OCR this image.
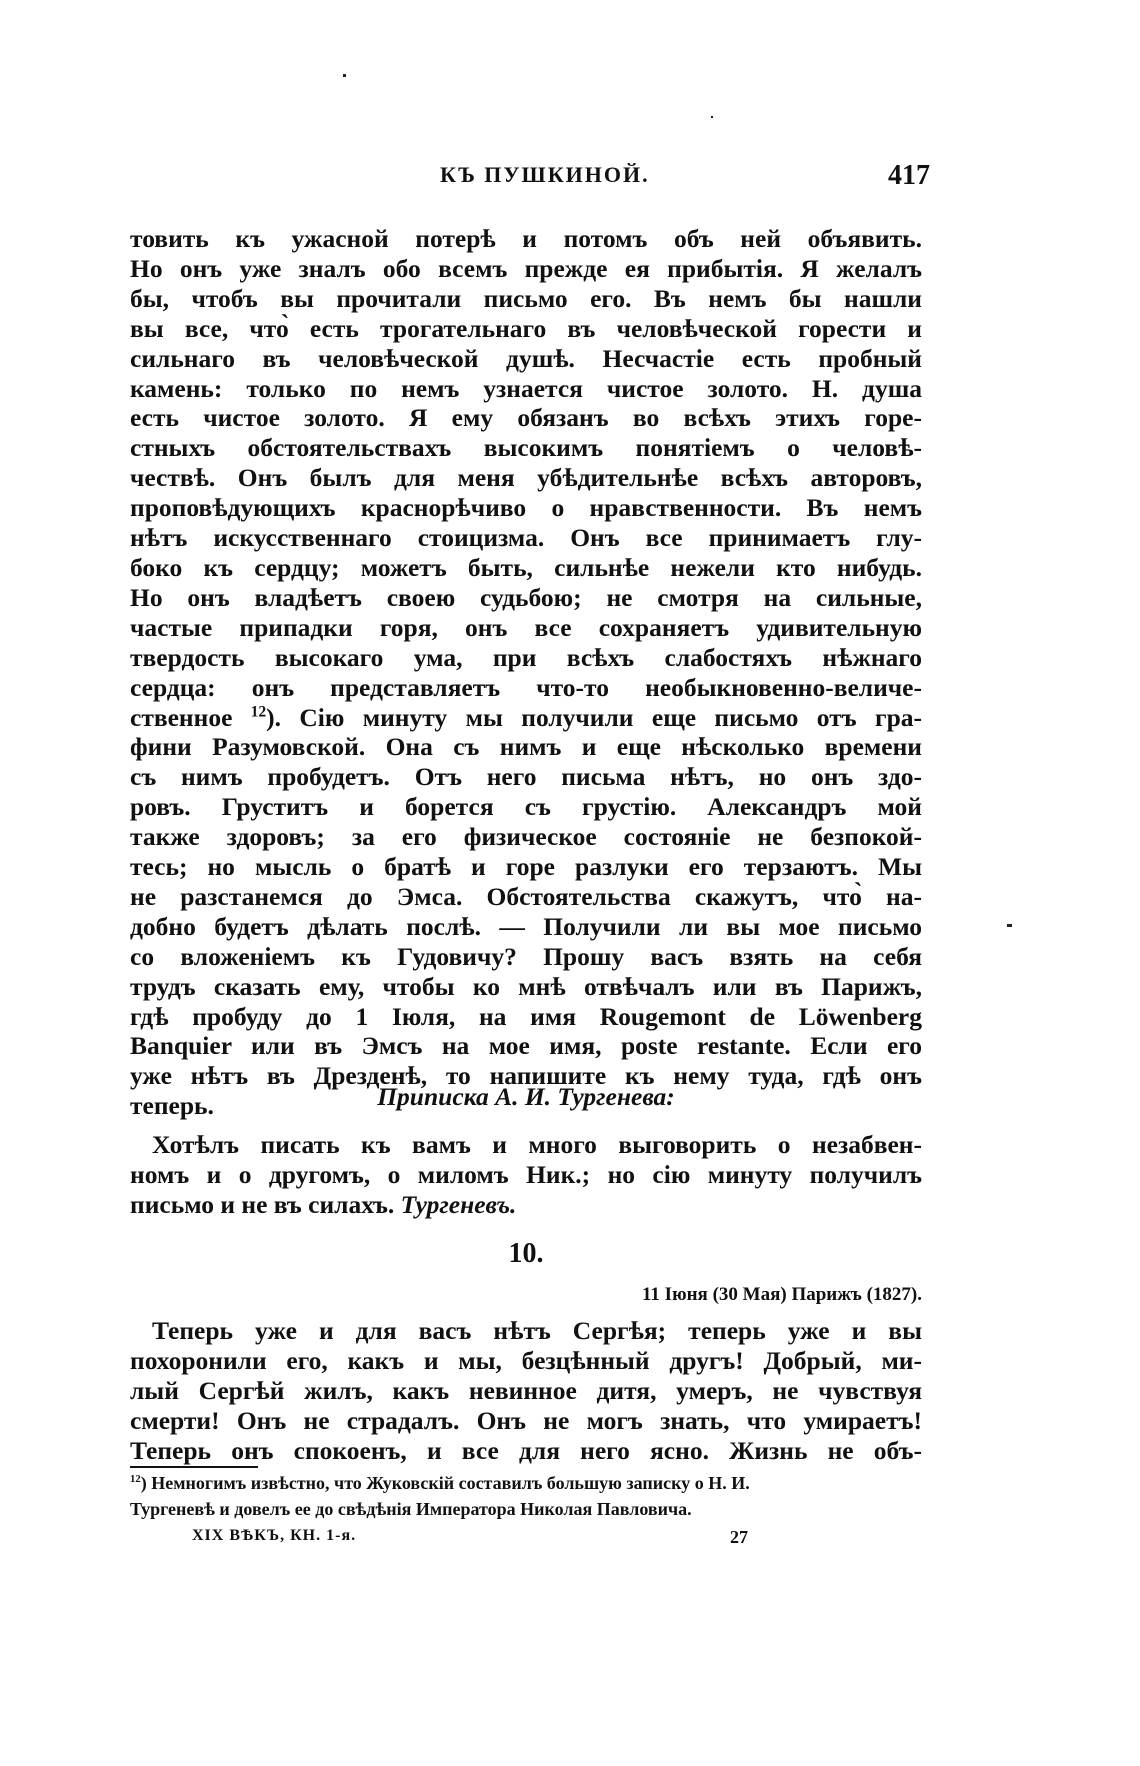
КЪ ПУШКИНОЙ.	417
товить къ ужасной потерѣ и потомъ объ ней объявить.
Но онъ уже зналъ обо всемъ прежде ея прибытія. Я желалъ
бы, чтобъ вы прочитали письмо его. Въ немъ бы нашли
вы все, что̀ есть трогательнаго въ человѣческой горести и
сильнаго въ человѣческой душѣ. Несчастіе есть пробный
камень: только по немъ узнается чистое золото. Н. душа
есть чистое золото. Я ему обязанъ во всѣхъ этихъ горе-
стныхъ обстоятельствахъ высокимъ понятіемъ о человѣ-
чествѣ. Онъ былъ для меня убѣдительнѣе всѣхъ авторовъ,
проповѣдующихъ краснорѣчиво о нравственности. Въ немъ
нѣтъ искусственнаго стоицизма. Онъ все принимаетъ глу-
боко къ сердцу; можетъ быть, сильнѣе нежели кто нибудь.
Но онъ владѣетъ своею судьбою; не смотря на сильные,
частые припадки горя, онъ все сохраняетъ удивительную
твердость высокаго ума, при всѣхъ слабостяхъ нѣжнаго
сердца: онъ представляетъ что-то необыкновенно-величе-
ственное $^{12}$). Сію минуту мы получили еще письмо отъ гра-
фини Разумовской. Она съ нимъ и еще нѣсколько времени
съ нимъ пробудетъ. Отъ него письма нѣтъ, но онъ здо-
ровъ. Груститъ и борется съ грустію. Александръ мой
также здоровъ; за его физическое состояніе не безпокой-
тесь; но мысль о братѣ и горе разлуки его терзаютъ. Мы
не разстанемся до Эмса. Обстоятельства скажутъ, что̀ на-
добно будетъ дѣлать послѣ. — Получили ли вы мое письмо
со вложеніемъ къ Гудовичу? Прошу васъ взять на себя
трудъ сказать ему, чтобы ко мнѣ отвѣчалъ или въ Парижъ,
гдѣ пробуду до 1 Іюля, на имя Rougemont de Löwenberg
Banquier или въ Эмсъ на мое имя, poste restante. Если его
уже нѣтъ въ Дрезденѣ, то напишите къ нему туда, гдѣ онъ
теперь.	Приписка А. И. Тургенева:
Хотѣлъ писать къ вамъ и много выговорить о незабвен-
номъ и о другомъ, о миломъ Ник.; но сію минуту получилъ
письмо и не въ силахъ. Тургеневъ.
10.
11 Іюня (30 Мая) Парижъ (1827).
Теперь уже и для васъ нѣтъ Сергѣя; теперь уже и вы
похоронили его, какъ и мы, безцѣнный другъ! Добрый, ми-
лый Сергѣй жилъ, какъ невинное дитя, умеръ, не чувствуя
смерти! Онъ не страдалъ. Онъ не могъ знать, что умираетъ!
Теперь онъ спокоенъ, и все для него ясно. Жизнь не объ-
$^{12}$) Немногимъ извѣстно, что Жуковскій составилъ большую записку о Н. И.
Тургеневѣ и довелъ ее до свѣдѣнія Императора Николая Павловича.
XIX ВѢКЪ, КН. 1-я.	27
